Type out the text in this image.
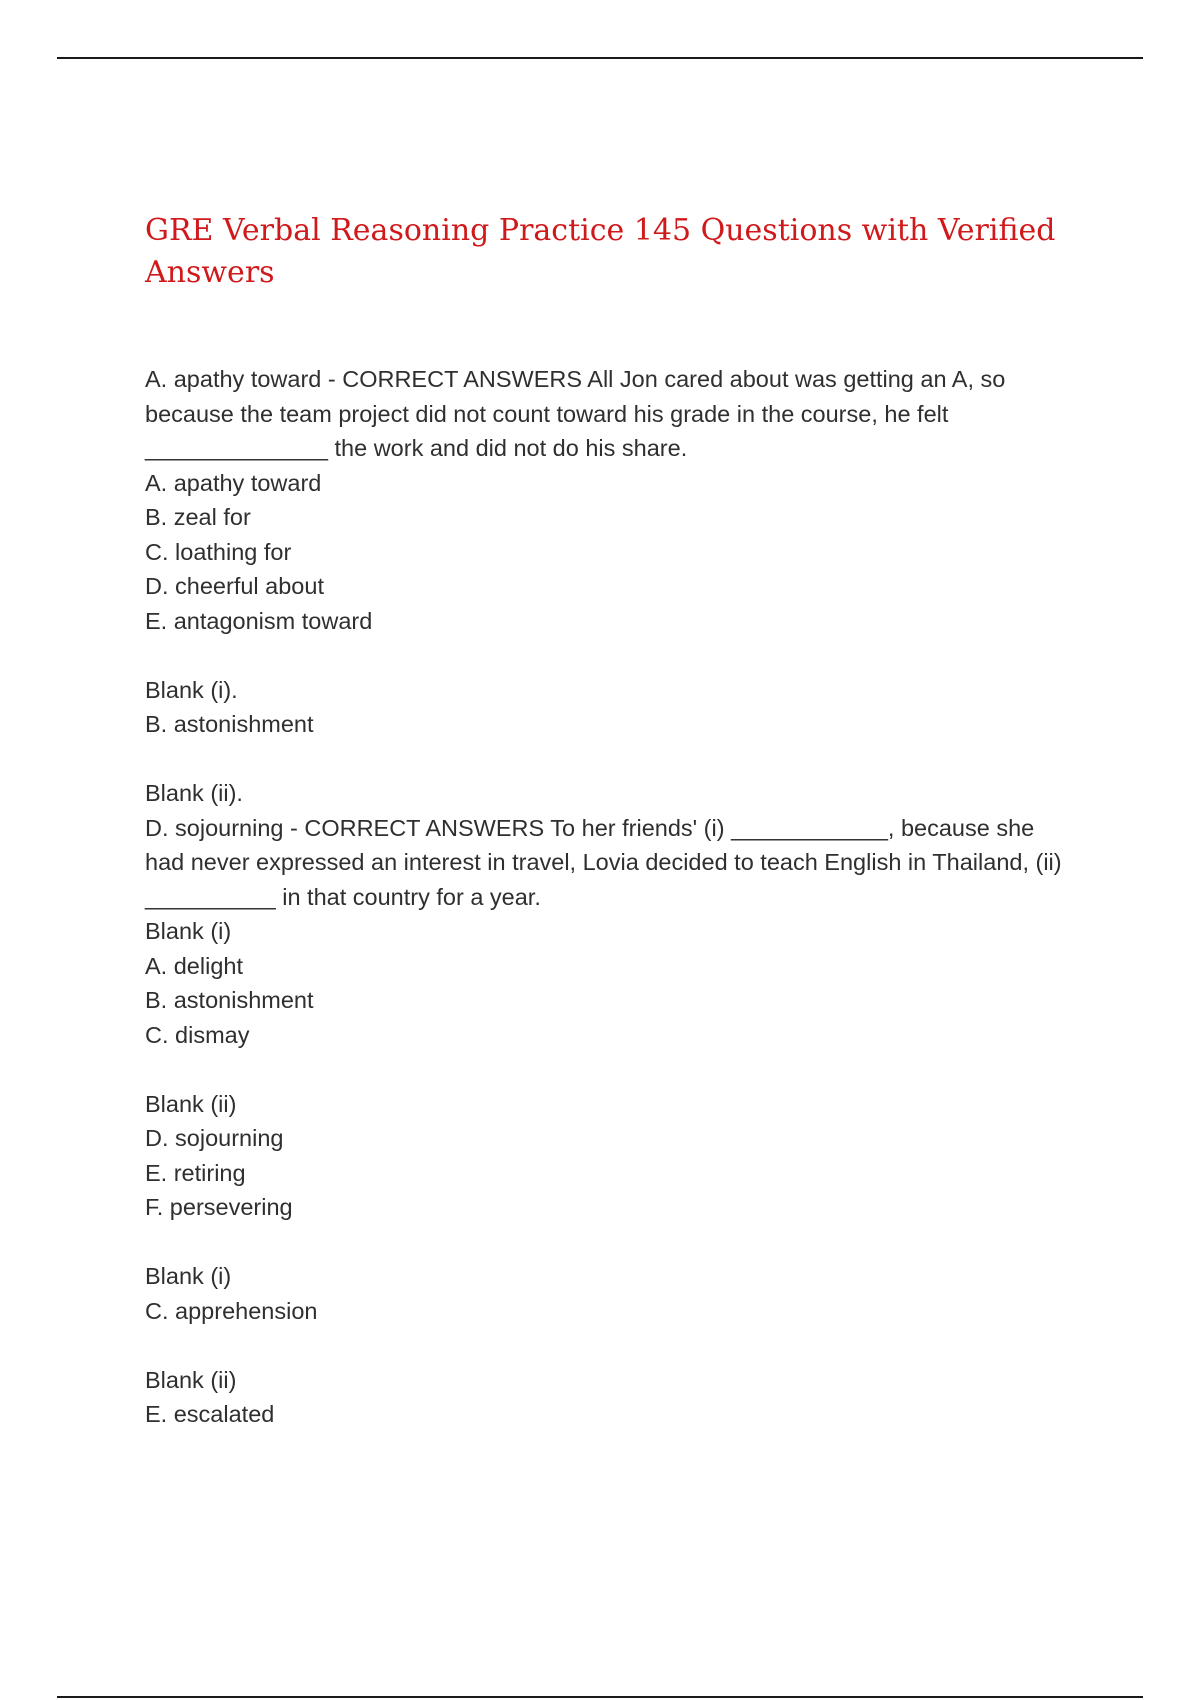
GRE Verbal Reasoning Practice 145 Questions with Verified Answers
A. apathy toward - CORRECT ANSWERS All Jon cared about was getting an A, so because the team project did not count toward his grade in the course, he felt ______________ the work and did not do his share.
A. apathy toward
B. zeal for
C. loathing for
D. cheerful about
E. antagonism toward
Blank (i).
B. astonishment
Blank (ii).
D. sojourning - CORRECT ANSWERS To her friends' (i) ____________, because she had never expressed an interest in travel, Lovia decided to teach English in Thailand, (ii) __________ in that country for a year.
Blank (i)
A. delight
B. astonishment
C. dismay
Blank (ii)
D. sojourning
E. retiring
F. persevering
Blank (i)
C. apprehension
Blank (ii)
E. escalated
